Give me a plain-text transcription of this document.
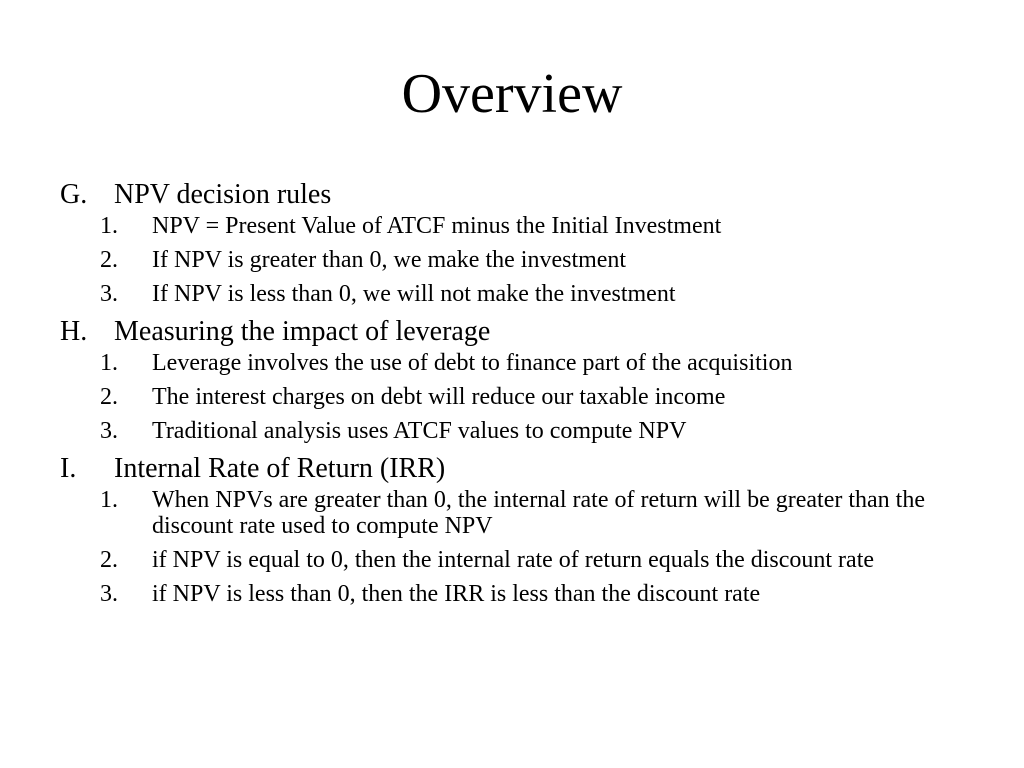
Overview
G. NPV decision rules
1.	NPV = Present Value of ATCF minus the Initial Investment
2.	If NPV is greater than 0, we make the investment
3.	If NPV is less than 0, we will not make the investment
H. Measuring the impact of leverage
1.	Leverage involves the use of debt to finance part of the acquisition
2.	The interest charges on debt will reduce our taxable income
3.	Traditional analysis uses ATCF values to compute NPV
I.	Internal Rate of Return (IRR)
1.	When NPVs are greater than 0, the internal rate of return will be greater than the discount rate used to compute NPV
2.	if NPV is equal to 0, then the internal rate of return equals the discount rate
3.	if NPV is less than 0, then the IRR is less than the discount rate
